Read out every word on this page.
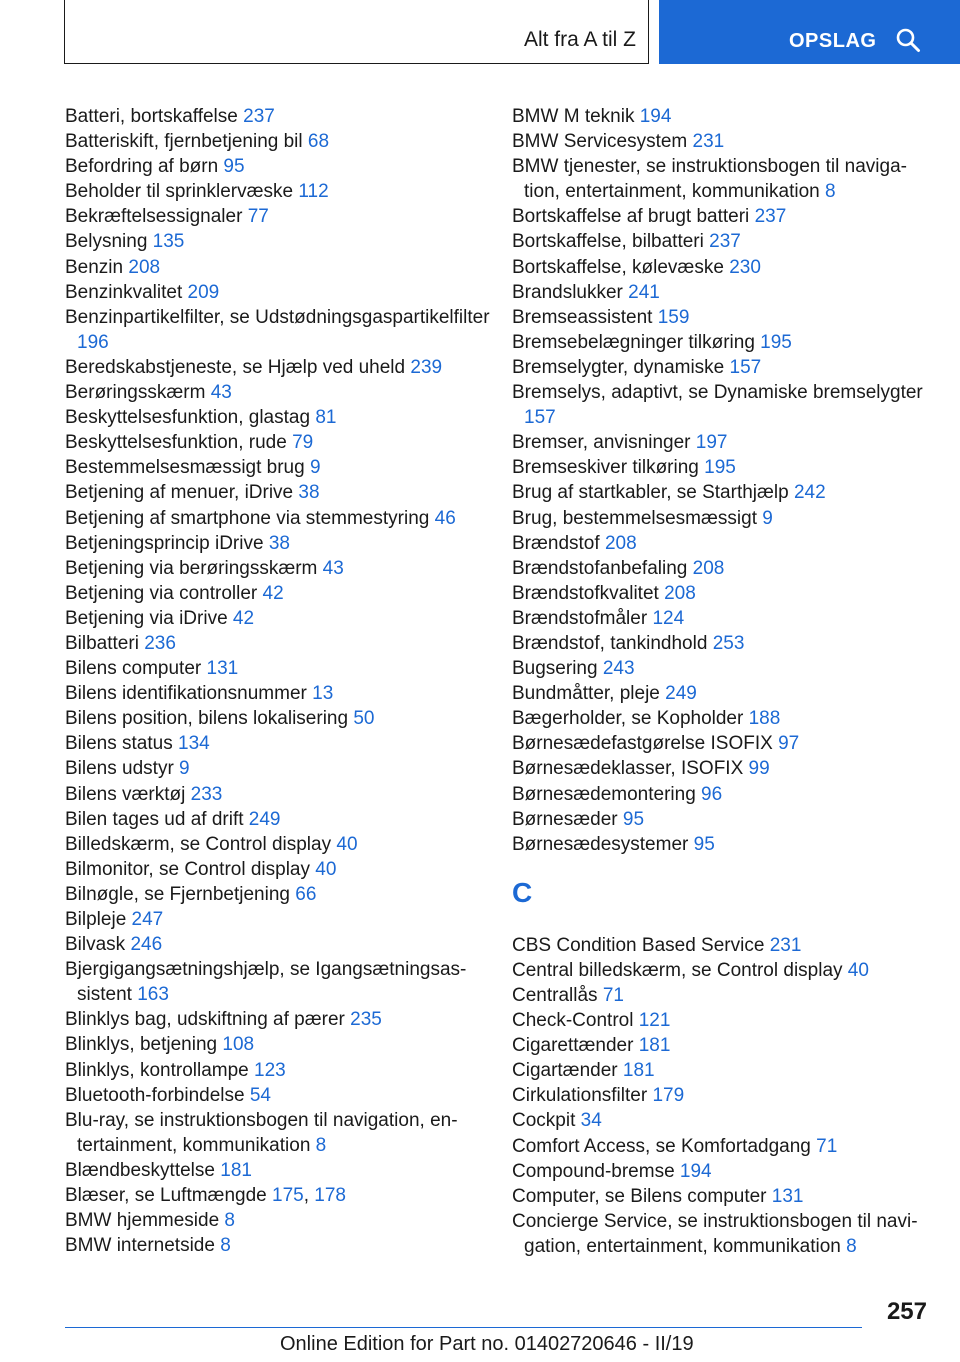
Alt fra A til Z	OPSLAG
Batteri, bortskaffelse 237
Batteriskift, fjernbetjening bil 68
Befordring af børn 95
Beholder til sprinklervæske 112
Bekræftelsessignaler 77
Belysning 135
Benzin 208
Benzinkvalitet 209
Benzinpartikelfilter, se Udstødningsgaspartikelfilter 196
Beredskabstjeneste, se Hjælp ved uheld 239
Berøringsskærm 43
Beskyttelsesfunktion, glastag 81
Beskyttelsesfunktion, rude 79
Bestemmelsesmæssigt brug 9
Betjening af menuer, iDrive 38
Betjening af smartphone via stemmestyring 46
Betjeningsprincip iDrive 38
Betjening via berøringsskærm 43
Betjening via controller 42
Betjening via iDrive 42
Bilbatteri 236
Bilens computer 131
Bilens identifikationsnummer 13
Bilens position, bilens lokalisering 50
Bilens status 134
Bilens udstyr 9
Bilens værktøj 233
Bilen tages ud af drift 249
Billedskærm, se Control display 40
Bilmonitor, se Control display 40
Bilnøgle, se Fjernbetjening 66
Bilpleje 247
Bilvask 246
Bjergigangsætningshjælp, se Igangsætningsassistent 163
Blinklys bag, udskiftning af pærer 235
Blinklys, betjening 108
Blinklys, kontrollampe 123
Bluetooth-forbindelse 54
Blu-ray, se instruktionsbogen til navigation, entertainment, kommunikation 8
Blændbeskyttelse 181
Blæser, se Luftmængde 175, 178
BMW hjemmeside 8
BMW internetside 8
BMW M teknik 194
BMW Servicesystem 231
BMW tjenester, se instruktionsbogen til navigation, entertainment, kommunikation 8
Bortskaffelse af brugt batteri 237
Bortskaffelse, bilbatteri 237
Bortskaffelse, kølevæske 230
Brandslukker 241
Bremseassistent 159
Bremsebelægninger tilkøring 195
Bremselygter, dynamiske 157
Bremselys, adaptivt, se Dynamiske bremselygter 157
Bremser, anvisninger 197
Bremseskiver tilkøring 195
Brug af startkabler, se Starthjælp 242
Brug, bestemmelsesmæssigt 9
Brændstof 208
Brændstofanbefaling 208
Brændstofkvalitet 208
Brændstofmåler 124
Brændstof, tankindhold 253
Bugsering 243
Bundmåtter, pleje 249
Bægerholder, se Kopholder 188
Børnesædefastgørelse ISOFIX 97
Børnesædeklasser, ISOFIX 99
Børnesædemontering 96
Børnesæder 95
Børnesædesystemer 95
C
CBS Condition Based Service 231
Central billedskærm, se Control display 40
Centrallås 71
Check-Control 121
Cigarettænder 181
Cigartænder 181
Cirkulationsfilter 179
Cockpit 34
Comfort Access, se Komfortadgang 71
Compound-bremse 194
Computer, se Bilens computer 131
Concierge Service, se instruktionsbogen til navigation, entertainment, kommunikation 8
257
Online Edition for Part no. 01402720646 - II/19
